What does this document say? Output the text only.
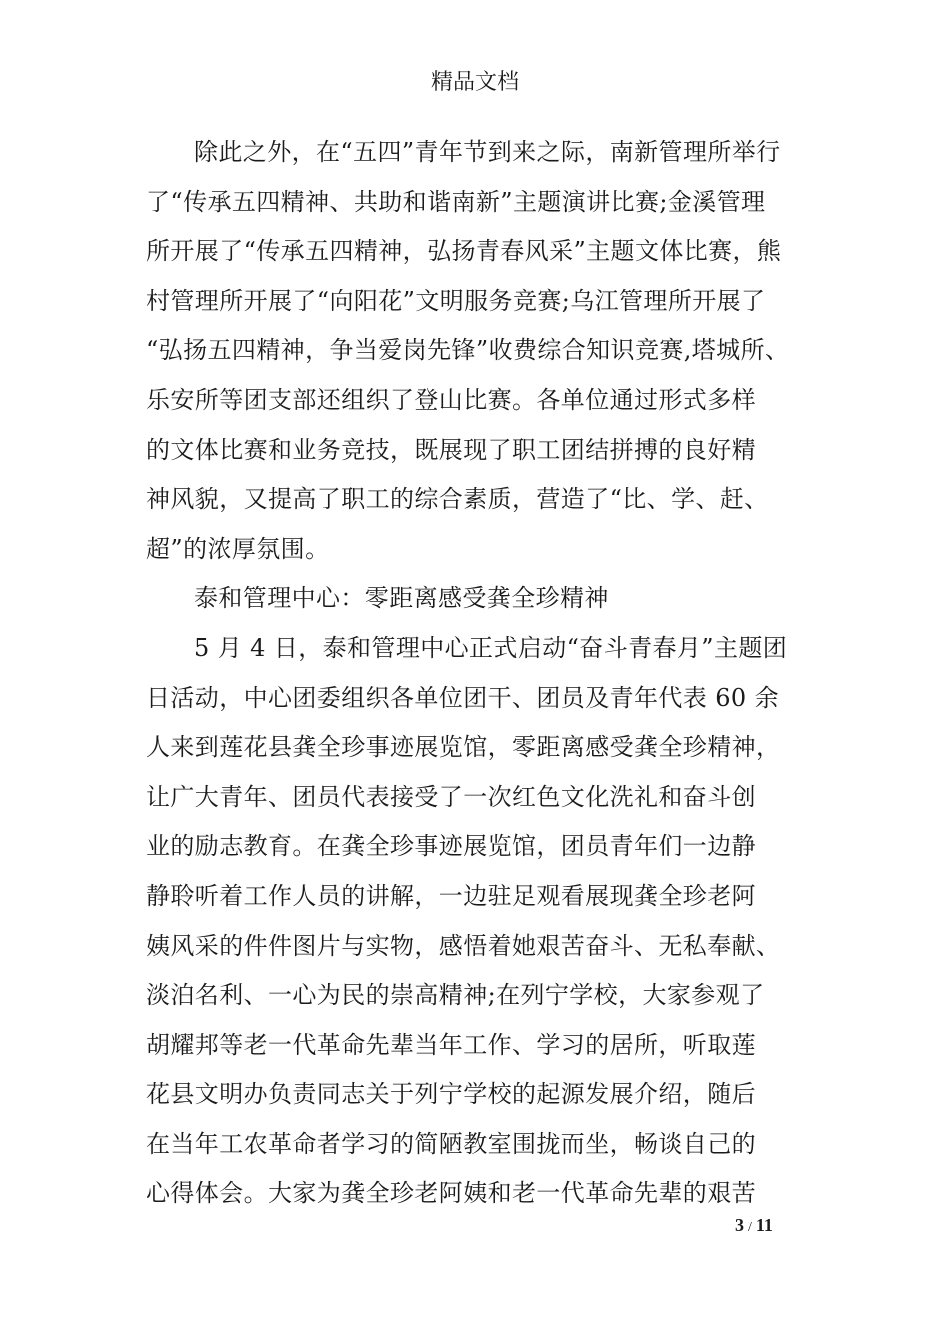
精品文档
除此之外，在“五四”青年节到来之际，南新管理所举行
了“传承五四精神、共助和谐南新”主题演讲比赛;金溪管理
所开展了“传承五四精神，弘扬青春风采”主题文体比赛，熊
村管理所开展了“向阳花”文明服务竞赛;乌江管理所开展了
“弘扬五四精神，争当爱岗先锋”收费综合知识竞赛,塔城所、
乐安所等团支部还组织了登山比赛。各单位通过形式多样
的文体比赛和业务竞技，既展现了职工团结拼搏的良好精
神风貌，又提高了职工的综合素质，营造了“比、学、赶、
超”的浓厚氛围。
泰和管理中心：零距离感受龚全珍精神
5 月 4 日，泰和管理中心正式启动“奋斗青春月”主题团
日活动，中心团委组织各单位团干、团员及青年代表 60 余
人来到莲花县龚全珍事迹展览馆，零距离感受龚全珍精神，
让广大青年、团员代表接受了一次红色文化洗礼和奋斗创
业的励志教育。在龚全珍事迹展览馆，团员青年们一边静
静聆听着工作人员的讲解，一边驻足观看展现龚全珍老阿
姨风采的件件图片与实物，感悟着她艰苦奋斗、无私奉献、
淡泊名利、一心为民的崇高精神;在列宁学校，大家参观了
胡耀邦等老一代革命先辈当年工作、学习的居所，听取莲
花县文明办负责同志关于列宁学校的起源发展介绍，随后
在当年工农革命者学习的简陋教室围拢而坐，畅谈自己的
心得体会。大家为龚全珍老阿姨和老一代革命先辈的艰苦
3 / 11
